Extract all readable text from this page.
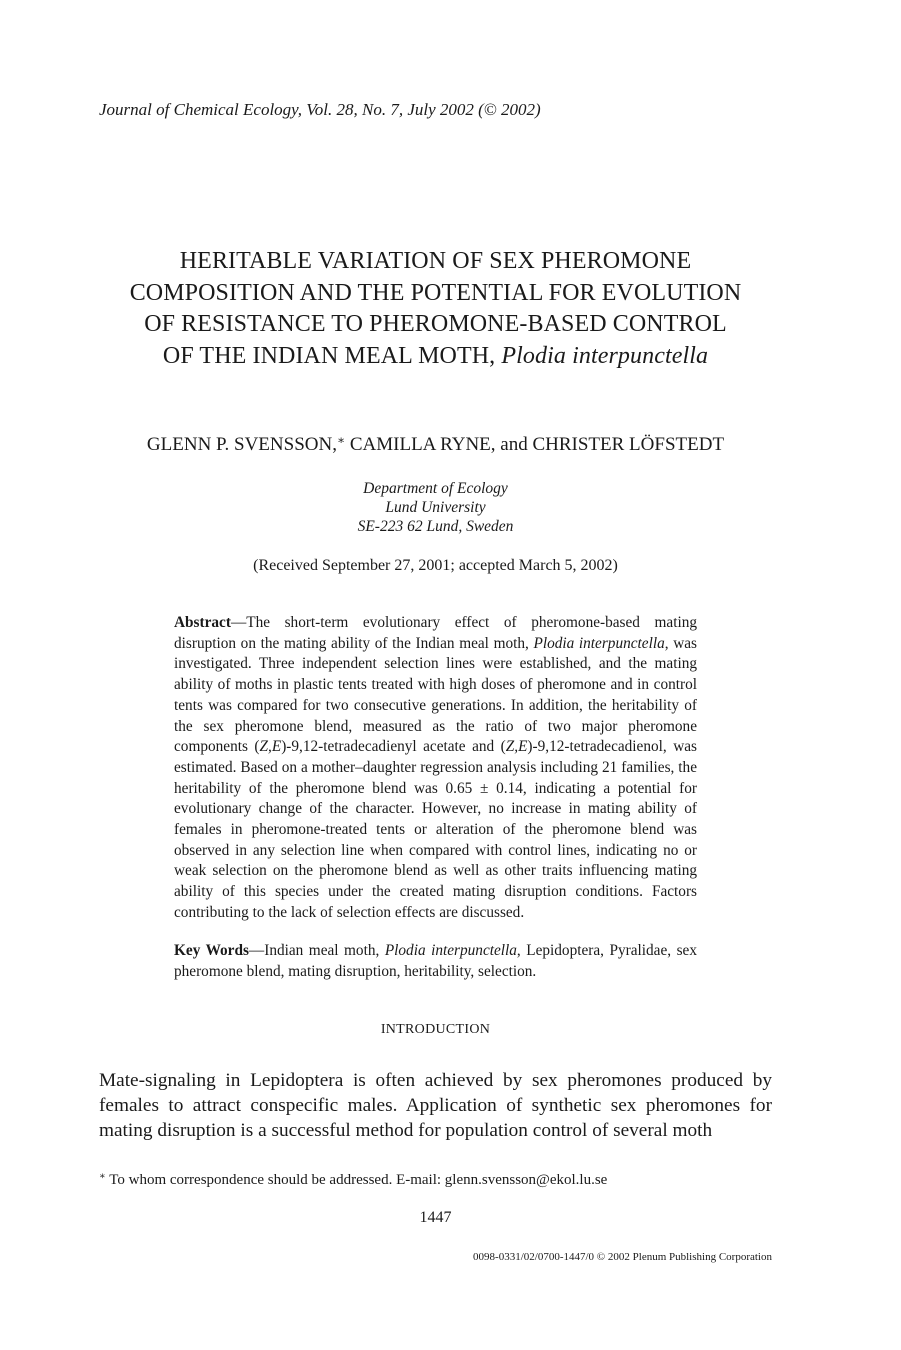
Journal of Chemical Ecology, Vol. 28, No. 7, July 2002 (© 2002)
HERITABLE VARIATION OF SEX PHEROMONE
COMPOSITION AND THE POTENTIAL FOR EVOLUTION
OF RESISTANCE TO PHEROMONE-BASED CONTROL
OF THE INDIAN MEAL MOTH, Plodia interpunctella
GLENN P. SVENSSON,∗ CAMILLA RYNE, and CHRISTER LÖFSTEDT
Department of Ecology
Lund University
SE-223 62 Lund, Sweden
(Received September 27, 2001; accepted March 5, 2002)

Abstract—The short-term evolutionary effect of pheromone-based mating disruption on the mating ability of the Indian meal moth, Plodia interpunctella, was investigated. Three independent selection lines were established, and the mating ability of moths in plastic tents treated with high doses of pheromone and in control tents was compared for two consecutive generations. In addition, the heritability of the sex pheromone blend, measured as the ratio of two major pheromone components (Z,E)-9,12-tetradecadienyl acetate and (Z,E)-9,12-tetradecadienol, was estimated. Based on a mother–daughter regression analysis including 21 families, the heritability of the pheromone blend was 0.65 ± 0.14, indicating a potential for evolutionary change of the character. However, no increase in mating ability of females in pheromone-treated tents or alteration of the pheromone blend was observed in any selection line when compared with control lines, indicating no or weak selection on the pheromone blend as well as other traits influencing mating ability of this species under the created mating disruption conditions. Factors contributing to the lack of selection effects are discussed.

Key Words—Indian meal moth, Plodia interpunctella, Lepidoptera, Pyralidae, sex pheromone blend, mating disruption, heritability, selection.
INTRODUCTION
Mate-signaling in Lepidoptera is often achieved by sex pheromones produced by females to attract conspecific males. Application of synthetic sex pheromones for mating disruption is a successful method for population control of several moth
∗ To whom correspondence should be addressed. E-mail: glenn.svensson@ekol.lu.se
1447
0098-0331/02/0700-1447/0 © 2002 Plenum Publishing Corporation
